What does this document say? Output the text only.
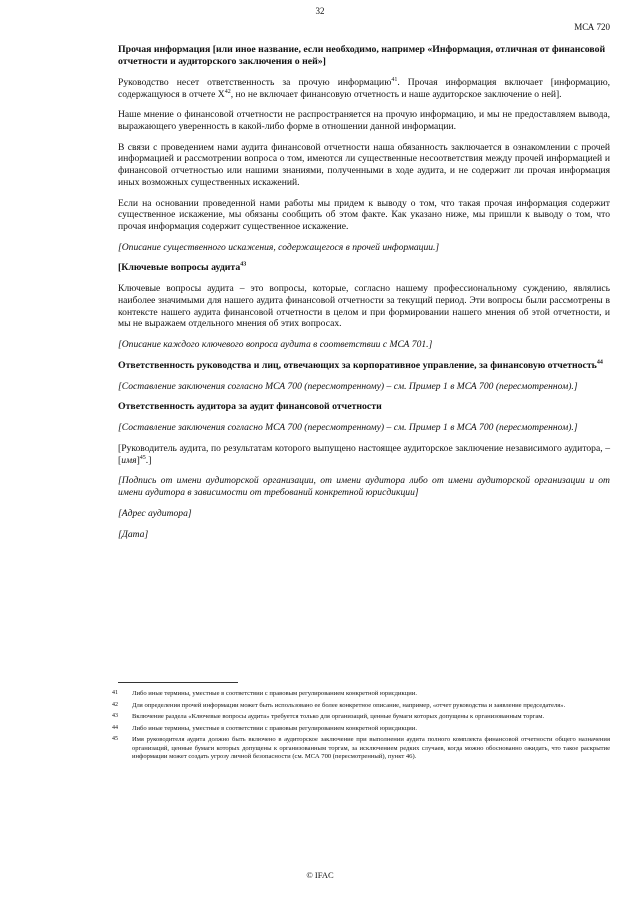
32
МСА 720
Прочая информация [или иное название, если необходимо, например «Информация, отличная от финансовой отчетности и аудиторского заключения о ней»]

Руководство несет ответственность за прочую информацию$^{41}$. Прочая информация включает [информацию, содержащуюся в отчете $X^{42}$, но не включает финансовую отчетность и наше аудиторское заключение о ней].

Наше мнение о финансовой отчетности не распространяется на прочую информацию, и мы не предоставляем вывода, выражающего уверенность в какой-либо форме в отношении данной информации.

В связи с проведением нами аудита финансовой отчетности наша обязанность заключается в ознакомлении с прочей информацией и рассмотрении вопроса о том, имеются ли существенные несоответствия между прочей информацией и финансовой отчетностью или нашими знаниями, полученными в ходе аудита, и не содержит ли прочая информация иных возможных существенных искажений.

Если на основании проведенной нами работы мы придем к выводу о том, что такая прочая информация содержит существенное искажение, мы обязаны сообщить об этом факте. Как указано ниже, мы пришли к выводу о том, что прочая информация содержит существенное искажение.

[Описание существенного искажения, содержащегося в прочей информации.]

[Ключевые вопросы аудита$^{43}$

Ключевые вопросы аудита – это вопросы, которые, согласно нашему профессиональному суждению, являлись наиболее значимыми для нашего аудита финансовой отчетности за текущий период. Эти вопросы были рассмотрены в контексте нашего аудита финансовой отчетности в целом и при формировании нашего мнения об этой отчетности, и мы не выражаем отдельного мнения об этих вопросах.

[Описание каждого ключевого вопроса аудита в соответствии с МСА 701.]

Ответственность руководства и лиц, отвечающих за корпоративное управление, за финансовую отчетность$^{44}$

[Составление заключения согласно МСА 700 (пересмотренному) – см. Пример 1 в МСА 700 (пересмотренном).]

Ответственность аудитора за аудит финансовой отчетности

[Составление заключения согласно МСА 700 (пересмотренному) – см. Пример 1 в МСА 700 (пересмотренном).]

[Руководитель аудита, по результатам которого выпущено настоящее аудиторское заключение независимого аудитора, – [имя]$^{45}$.]

[Подпись от имени аудиторской организации, от имени аудитора либо от имени аудиторской организации и от имени аудитора в зависимости от требований конкретной юрисдикции]

[Адрес аудитора]

[Дата]

41	Либо иные термины, уместные в соответствии с правовым регулированием конкретной юрисдикции.
42	Для определения прочей информации может быть использовано ее более конкретное описание, например, «отчет руководства и заявление председателя».
43	Включение раздела «Ключевые вопросы аудита» требуется только для организаций, ценные бумаги которых допущены к организованным торгам.
44	Либо иные термины, уместные в соответствии с правовым регулированием конкретной юрисдикции.
45	Имя руководителя аудита должно быть включено в аудиторское заключение при выполнении аудита полного комплекта финансовой отчетности общего назначения организаций, ценные бумаги которых допущены к организованным торгам, за исключением редких случаев, когда можно обоснованно ожидать, что такое раскрытие информации может создать угрозу личной безопасности (см. МСА 700 (пересмотренный), пункт 46).
© IFAC
